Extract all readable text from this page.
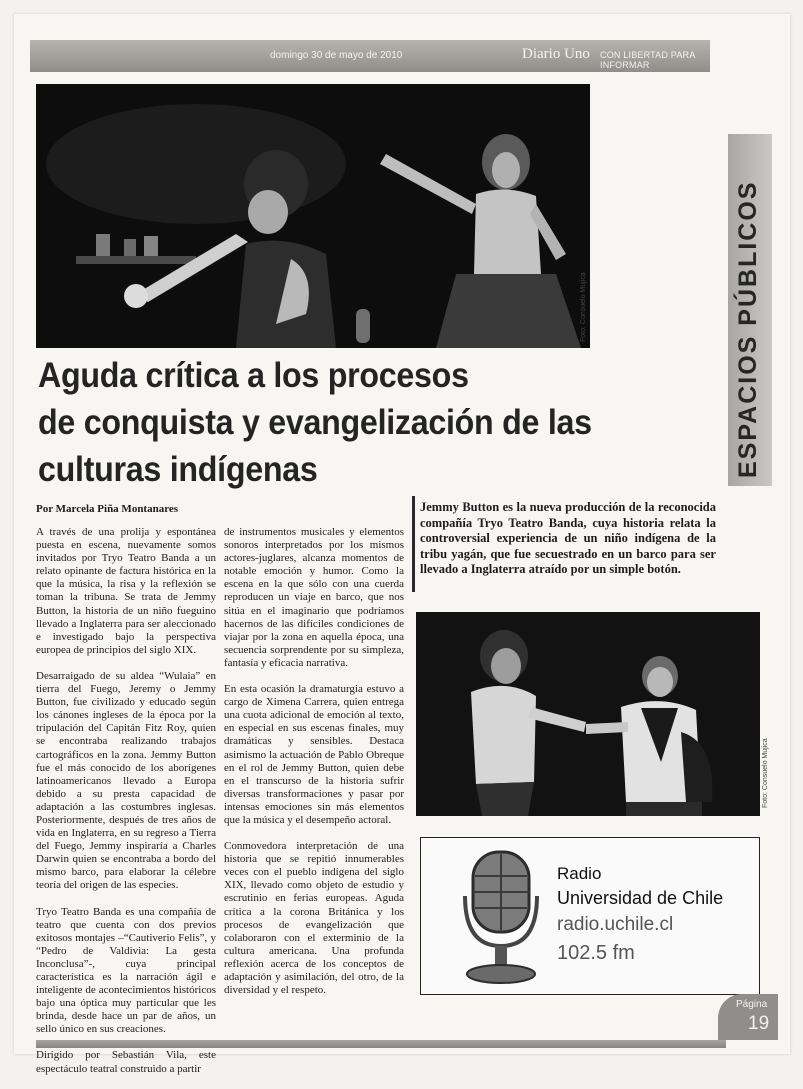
domingo 30 de mayo de 2010	Diario Uno CON LIBERTAD PARA INFORMAR
Foto: Consuelo Mujica	ESPACIOS PÚBLICOS
Aguda crítica a los procesos
de conquista y evangelización de las
culturas indígenas
Por Marcela Piña Montanares

A través de una prolija y espontánea puesta en escena, nuevamente somos invitados por Tryo Teatro Banda a un relato opinante de factura histórica en la que la música, la risa y la reflexión se toman la tribuna. Se trata de Jemmy Button, la historia de un niño fueguino llevado a Inglaterra para ser aleccionado e investigado bajo la perspectiva europea de principios del siglo XIX.

Desarraigado de su aldea “Wulaia” en tierra del Fuego, Jeremy o Jemmy Button, fue civilizado y educado según los cánones ingleses de la época por la tripulación del Capitán Fitz Roy, quien se encontraba realizando trabajos cartográficos en la zona. Jemmy Button fue el más conocido de los aborígenes latinoamericanos llevado a Europa debido a su presta capacidad de adaptación a las costumbres inglesas. Posteriormente, después de tres años de vida en Inglaterra, en su regreso a Tierra del Fuego, Jemmy inspiraría a Charles Darwin quien se encontraba a bordo del mismo barco, para elaborar la célebre teoría del origen de las especies.

Tryo Teatro Banda es una compañía de teatro que cuenta con dos previos exitosos montajes –“Cautiverio Felis”, y “Pedro de Valdivia: La gesta Inconclusa”-, cuya principal característica es la narración ágil e inteligente de acontecimientos históricos bajo una óptica muy particular que les brinda, desde hace un par de años, un sello único en sus creaciones.

Dirigido por Sebastián Vila, este espectáculo teatral construido a partir

de instrumentos musicales y elementos sonoros interpretados por los mismos actores-juglares, alcanza momentos de notable emoción y humor. Como la escena en la que sólo con una cuerda reproducen un viaje en barco, que nos sitúa en el imaginario que podríamos hacernos de las difíciles condiciones de viajar por la zona en aquella época, una secuencia sorprendente por su simpleza, fantasía y eficacia narrativa.

En esta ocasión la dramaturgia estuvo a cargo de Ximena Carrera, quien entrega una cuota adicional de emoción al texto, en especial en sus escenas finales, muy dramáticas y sensibles. Destaca asimismo la actuación de Pablo Obreque en el rol de Jemmy Button, quien debe en el transcurso de la historia sufrir diversas transformaciones y pasar por intensas emociones sin más elementos que la música y el desempeño actoral.

Conmovedora interpretación de una historia que se repitió innumerables veces con el pueblo indígena del siglo XIX, llevado como objeto de estudio y escrutinio en ferias europeas. Aguda crítica a la corona Británica y los procesos de evangelización que colaboraron con el exterminio de la cultura americana. Una profunda reflexión acerca de los conceptos de adaptación y asimilación, del otro, de la diversidad y el respeto.

Jemmy Button es la nueva producción de la reconocida compañía Tryo Teatro Banda, cuya historia relata la controversial experiencia de un niño indígena de la tribu yagán, que fue secuestrado en un barco para ser llevado a Inglaterra atraído por un simple botón.
Foto: Consuelo Mujica
Radio
Universidad de Chile
radio.uchile.cl
102.5 fm
Página
19
